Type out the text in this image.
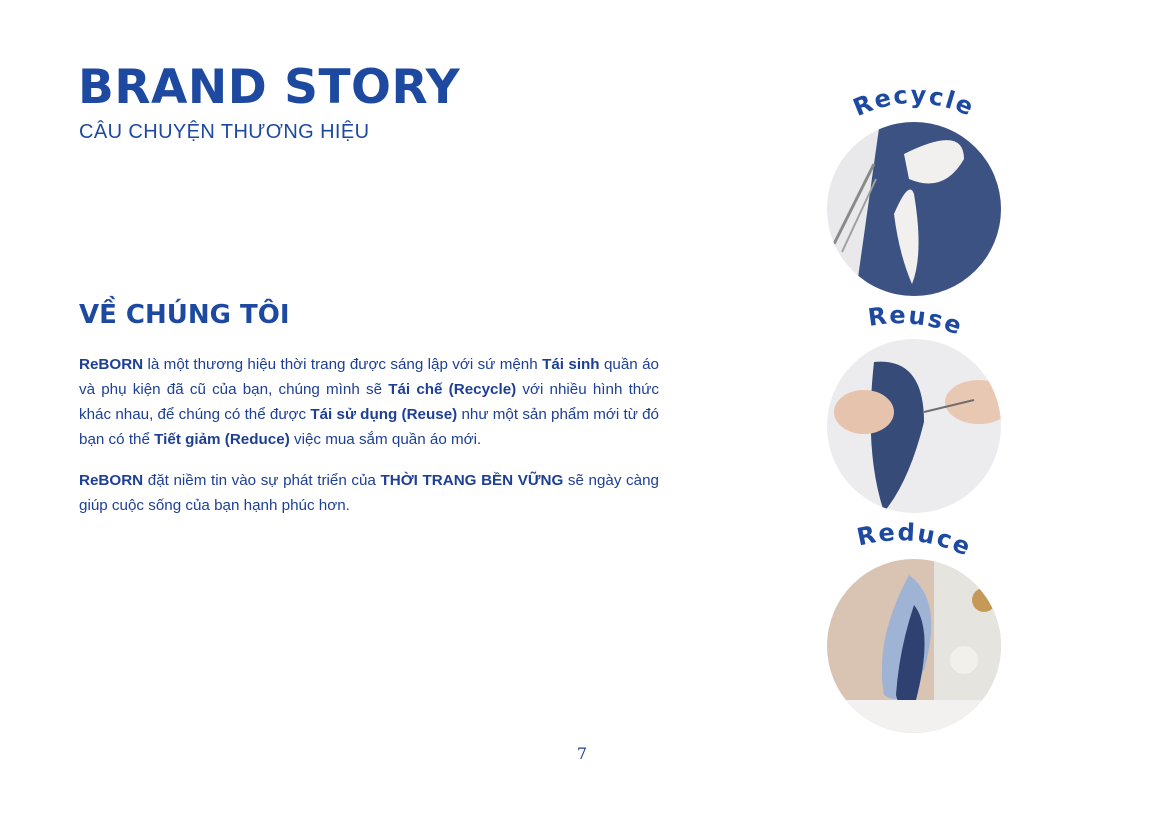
BRAND STORY
CÂU CHUYỆN THƯƠNG HIỆU
VỀ CHÚNG TÔI

ReBORN là một thương hiệu thời trang được sáng lập với sứ mệnh Tái sinh quần áo và phụ kiện đã cũ của bạn, chúng mình sẽ Tái chế (Recycle) với nhiều hình thức khác nhau, để chúng có thể được Tái sử dụng (Reuse) như một sản phẩm mới từ đó bạn có thể Tiết giảm (Reduce) việc mua sắm quần áo mới.

ReBORN đặt niềm tin vào sự phát triển của THỜI TRANG BỀN VỮNG sẽ ngày càng giúp cuộc sống của bạn hạnh phúc hơn.

Recycle
Reuse
Reduce
7
